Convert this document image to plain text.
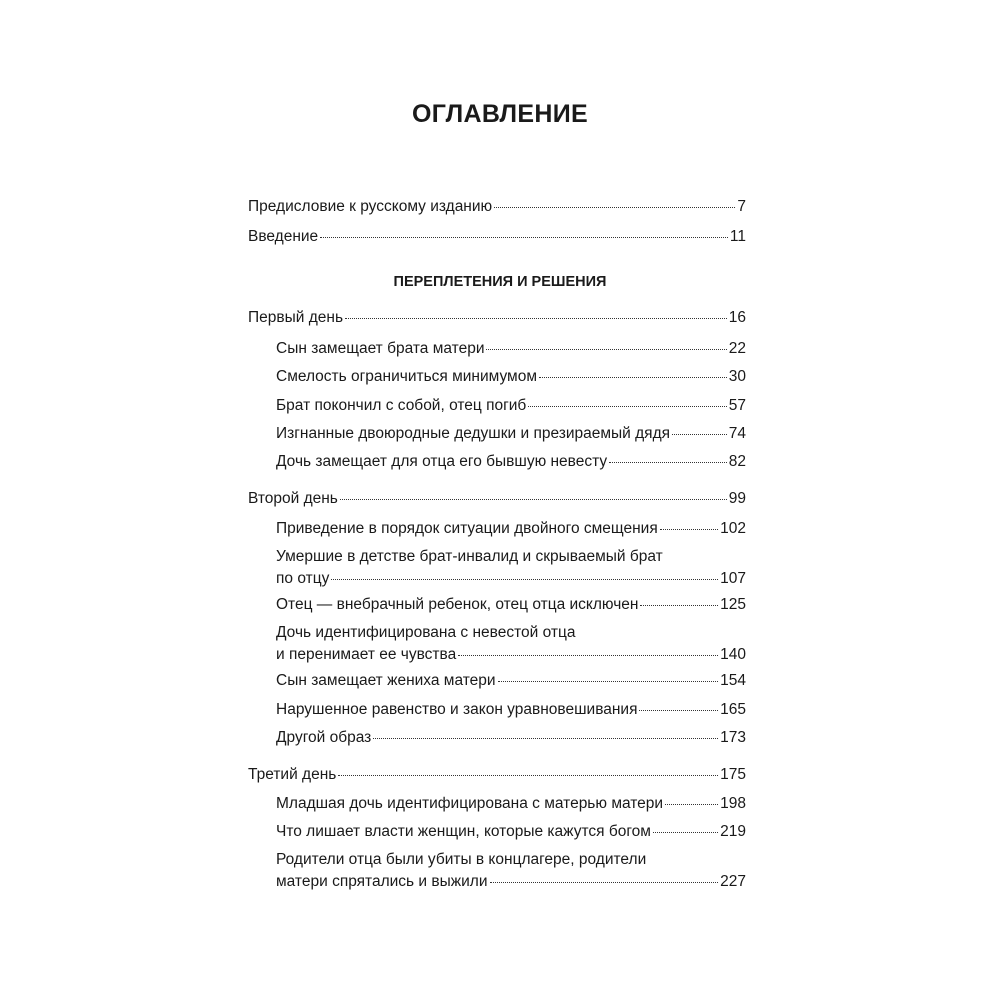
ОГЛАВЛЕНИЕ
Предисловие к русскому изданию	7
Введение	11
ПЕРЕПЛЕТЕНИЯ И РЕШЕНИЯ
Первый день	16
Сын замещает брата матери	22
Смелость ограничиться минимумом	30
Брат покончил с собой, отец погиб	57
Изгнанные двоюродные дедушки и презираемый дядя	74
Дочь замещает для отца его бывшую невесту	82
Второй день	99
Приведение в порядок ситуации двойного смещения	102
Умершие в детстве брат-инвалид и скрываемый брат
по отцу	107
Отец — внебрачный ребенок, отец отца исключен	125
Дочь идентифицирована с невестой отца
и перенимает ее чувства	140
Сын замещает жениха матери	154
Нарушенное равенство и закон уравновешивания	165
Другой образ	173
Третий день	175
Младшая дочь идентифицирована с матерью матери	198
Что лишает власти женщин, которые кажутся богом	219
Родители отца были убиты в концлагере, родители
матери спрятались и выжили	227
